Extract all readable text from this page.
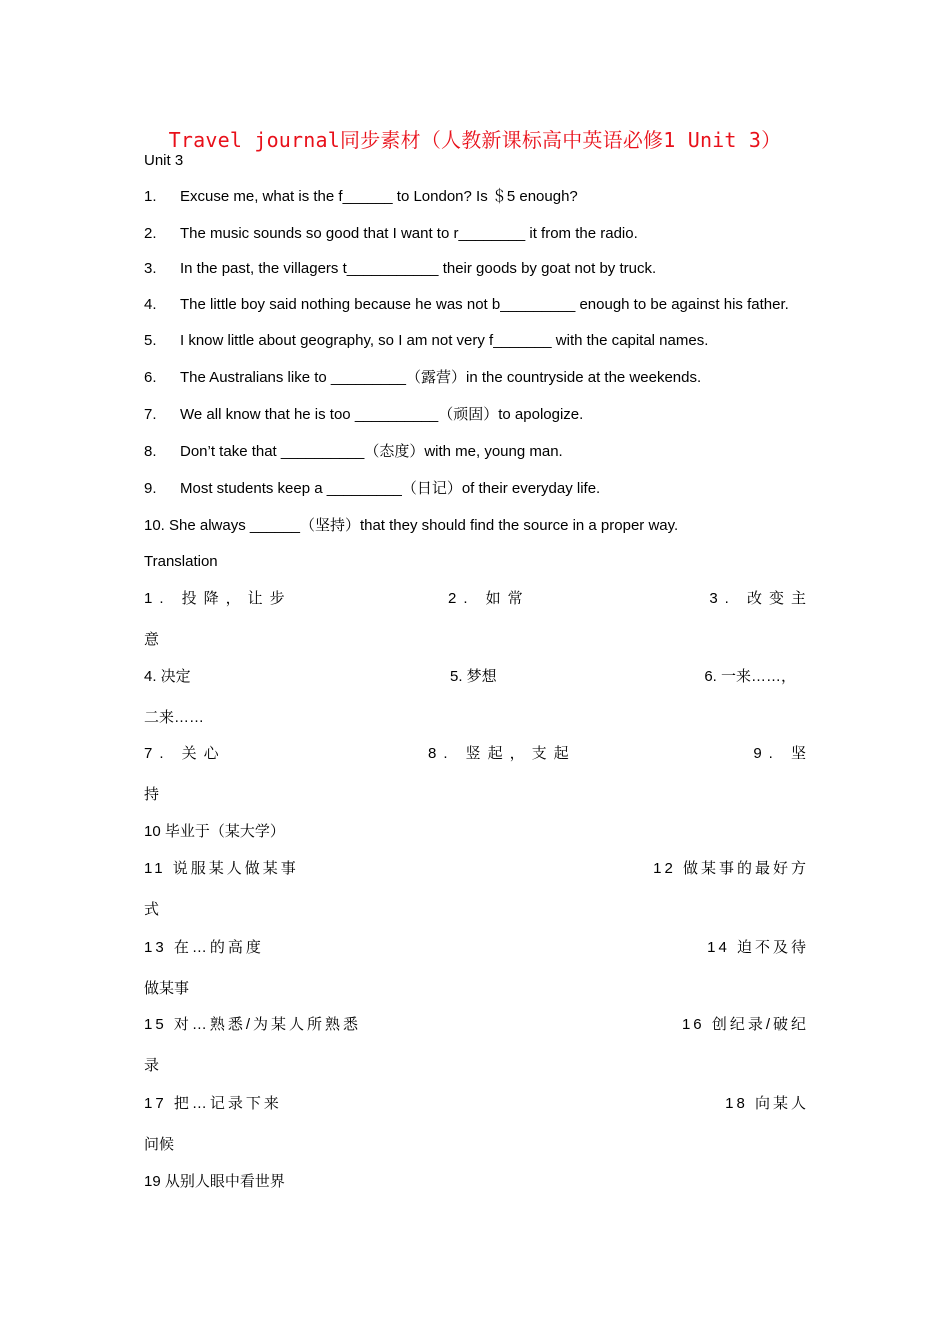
Travel journal同步素材（人教新课标高中英语必修1 Unit 3）
Unit 3
1. Excuse me, what is the f______ to London? Is ＄5 enough?
2. The music sounds so good that I want to r________ it from the radio.
3. In the past, the villagers t___________ their goods by goat not by truck.
4. The little boy said nothing because he was not b_________ enough to be against his father.
5. I know little about geography, so I am not very f_______ with the capital names.
6. The Australians like to _________（露营）in the countryside at the weekends.
7. We all know that he is too __________（顽固）to apologize.
8. Don’t take that __________（态度）with me, young man.
9. Most students keep a _________（日记）of their everyday life.
10. She always ______（坚持）that they should find the source in a proper way.
Translation
1. 投降，让步	2. 如常	3. 改变主
意
4. 决定	5. 梦想	6. 一来……，
二来……
7. 关心	8. 竖起，支起	9. 坚
持
10 毕业于（某大学）
11 说服某人做某事	12 做某事的最好方
式
13 在…的高度	14 迫不及待
做某事
15 对…熟悉/为某人所熟悉	16 创纪录/破纪
录
17 把…记录下来	18 向某人
问候
19 从别人眼中看世界
